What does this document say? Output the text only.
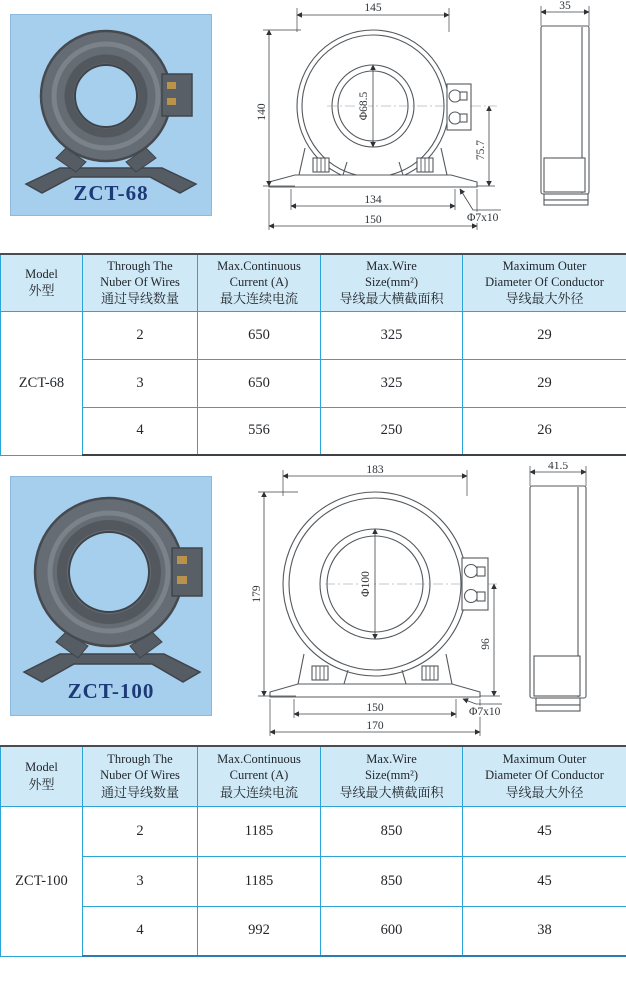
ZCT-68
145
140	Φ68.5
75.7
134
150	Φ7x10
35
Model
外型

Through The
Nuber Of Wires
通过导线数量

Max.Continuous
Current (A)
最大连续电流

Max.Wire
Size(mm²)
导线最大横截面积

Maximum Outer
Diameter Of Conductor
导线最大外径

ZCT-68	2	650	325	29
	3	650	325	29
	4	556	250	26
ZCT-100
183
179	Φ100
96
150
170
Φ7x10
41.5
Model
外型

Through The
Nuber Of Wires
通过导线数量

Max.Continuous
Current (A)
最大连续电流

Max.Wire
Size(mm²)
导线最大横截面积

Maximum Outer
Diameter Of Conductor
导线最大外径

ZCT-100	2	1185	850	45
	3	1185	850	45
	4	992	600	38
